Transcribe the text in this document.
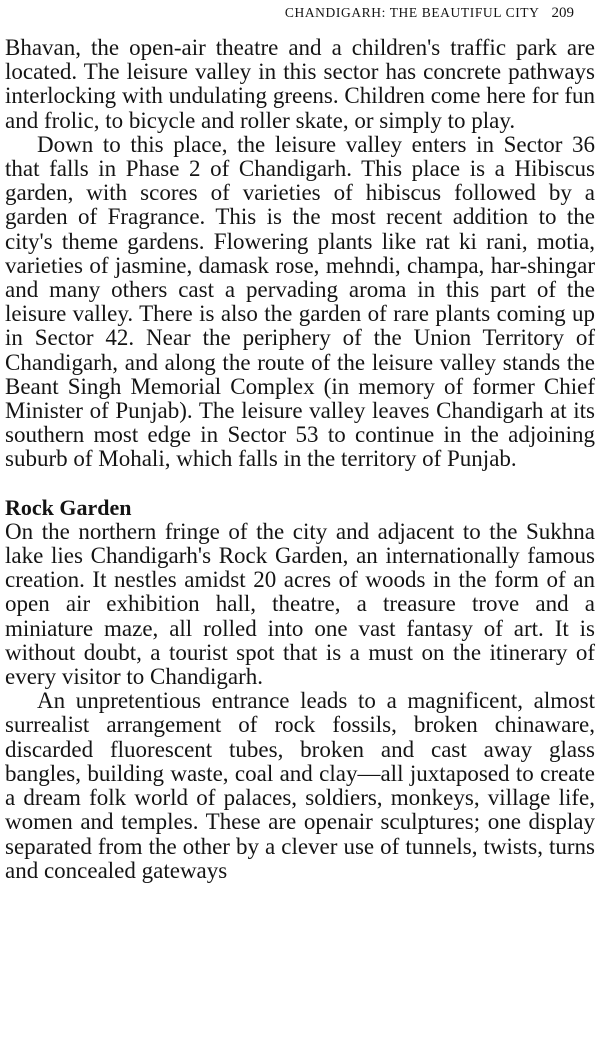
CHANDIGARH: THE BEAUTIFUL CITY 209

Bhavan, the open-air theatre and a children's traffic park are located. The leisure valley in this sector has concrete pathways interlocking with undulating greens. Children come here for fun and frolic, to bicycle and roller skate, or simply to play.

Down to this place, the leisure valley enters in Sector 36 that falls in Phase 2 of Chandigarh. This place is a Hibiscus garden, with scores of varieties of hibiscus followed by a garden of Fragrance. This is the most recent addition to the city's theme gardens. Flowering plants like rat ki rani, motia, varieties of jasmine, damask rose, mehndi, champa, har-shingar and many others cast a pervading aroma in this part of the leisure valley. There is also the garden of rare plants coming up in Sector 42. Near the periphery of the Union Territory of Chandigarh, and along the route of the leisure valley stands the Beant Singh Memorial Complex (in memory of former Chief Minister of Punjab). The leisure valley leaves Chandigarh at its southern most edge in Sector 53 to continue in the adjoining suburb of Mohali, which falls in the territory of Punjab.

Rock Garden

On the northern fringe of the city and adjacent to the Sukhna lake lies Chandigarh's Rock Garden, an internationally famous creation. It nestles amidst 20 acres of woods in the form of an open air exhibition hall, theatre, a treasure trove and a miniature maze, all rolled into one vast fantasy of art. It is without doubt, a tourist spot that is a must on the itinerary of every visitor to Chandigarh.

An unpretentious entrance leads to a magnificent, almost surrealist arrangement of rock fossils, broken chinaware, discarded fluorescent tubes, broken and cast away glass bangles, building waste, coal and clay—all juxtaposed to create a dream folk world of palaces, soldiers, monkeys, village life, women and temples. These are openair sculptures; one display separated from the other by a clever use of tunnels, twists, turns and concealed gateways
